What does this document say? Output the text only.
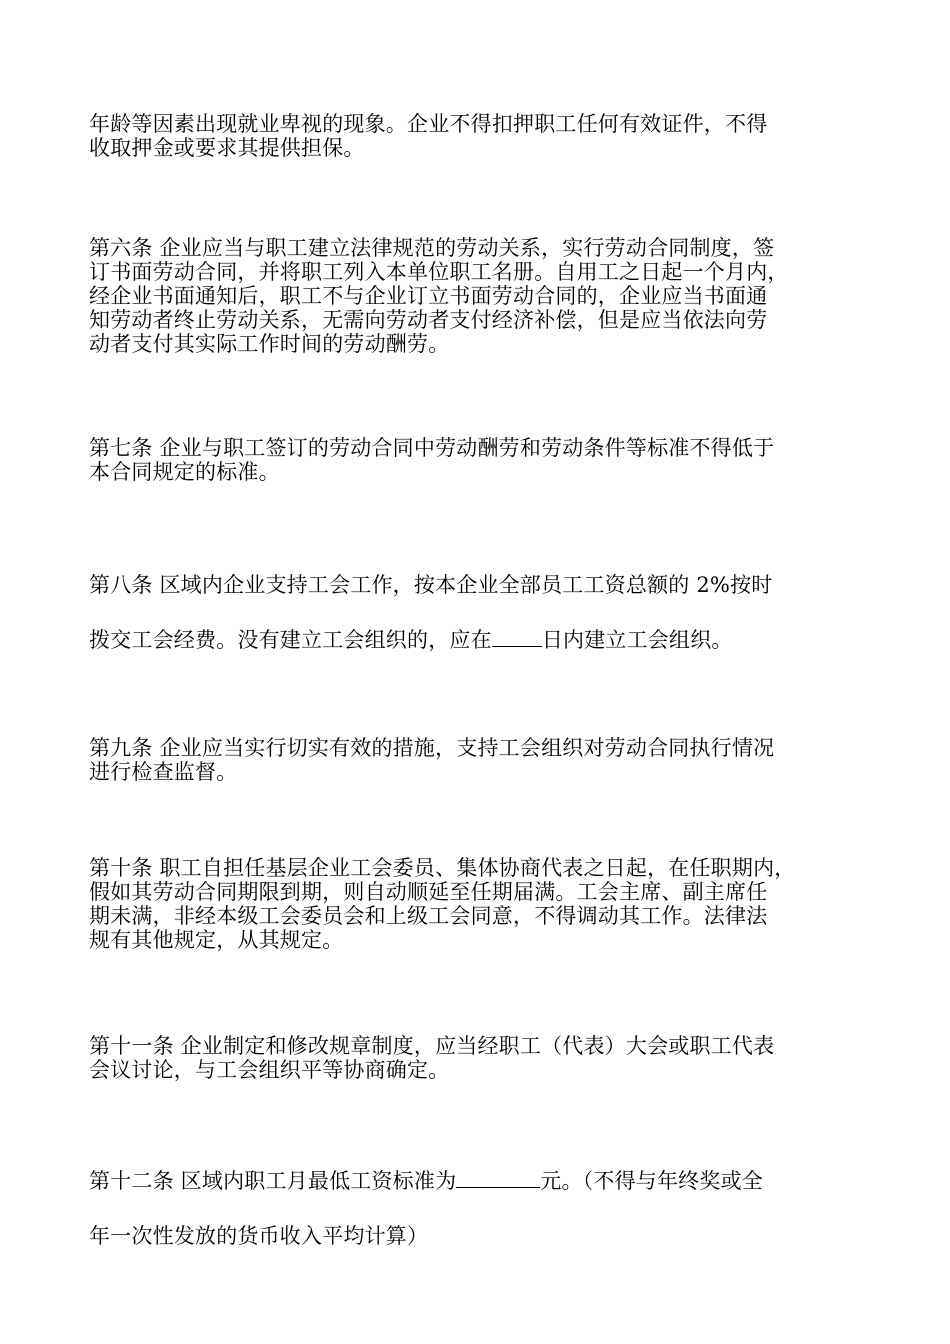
年龄等因素出现就业卑视的现象。企业不得扣押职工任何有效证件，不得
收取押金或要求其提供担保。

第六条 企业应当与职工建立法律规范的劳动关系，实行劳动合同制度，签
订书面劳动合同，并将职工列入本单位职工名册。自用工之日起一个月内，
经企业书面通知后，职工不与企业订立书面劳动合同的，企业应当书面通
知劳动者终止劳动关系，无需向劳动者支付经济补偿，但是应当依法向劳
动者支付其实际工作时间的劳动酬劳。

第七条 企业与职工签订的劳动合同中劳动酬劳和劳动条件等标准不得低于
本合同规定的标准。

第八条 区域内企业支持工会工作，按本企业全部员工工资总额的 2%按时
拨交工会经费。没有建立工会组织的，应在 日内建立工会组织。

第九条 企业应当实行切实有效的措施，支持工会组织对劳动合同执行情况
进行检查监督。

第十条 职工自担任基层企业工会委员、集体协商代表之日起，在任职期内，
假如其劳动合同期限到期，则自动顺延至任期届满。工会主席、副主席任
期未满，非经本级工会委员会和上级工会同意，不得调动其工作。法律法
规有其他规定，从其规定。

第十一条 企业制定和修改规章制度，应当经职工（代表）大会或职工代表
会议讨论，与工会组织平等协商确定。

第十二条 区域内职工月最低工资标准为	元。（不得与年终奖或全
年一次性发放的货币收入平均计算）
